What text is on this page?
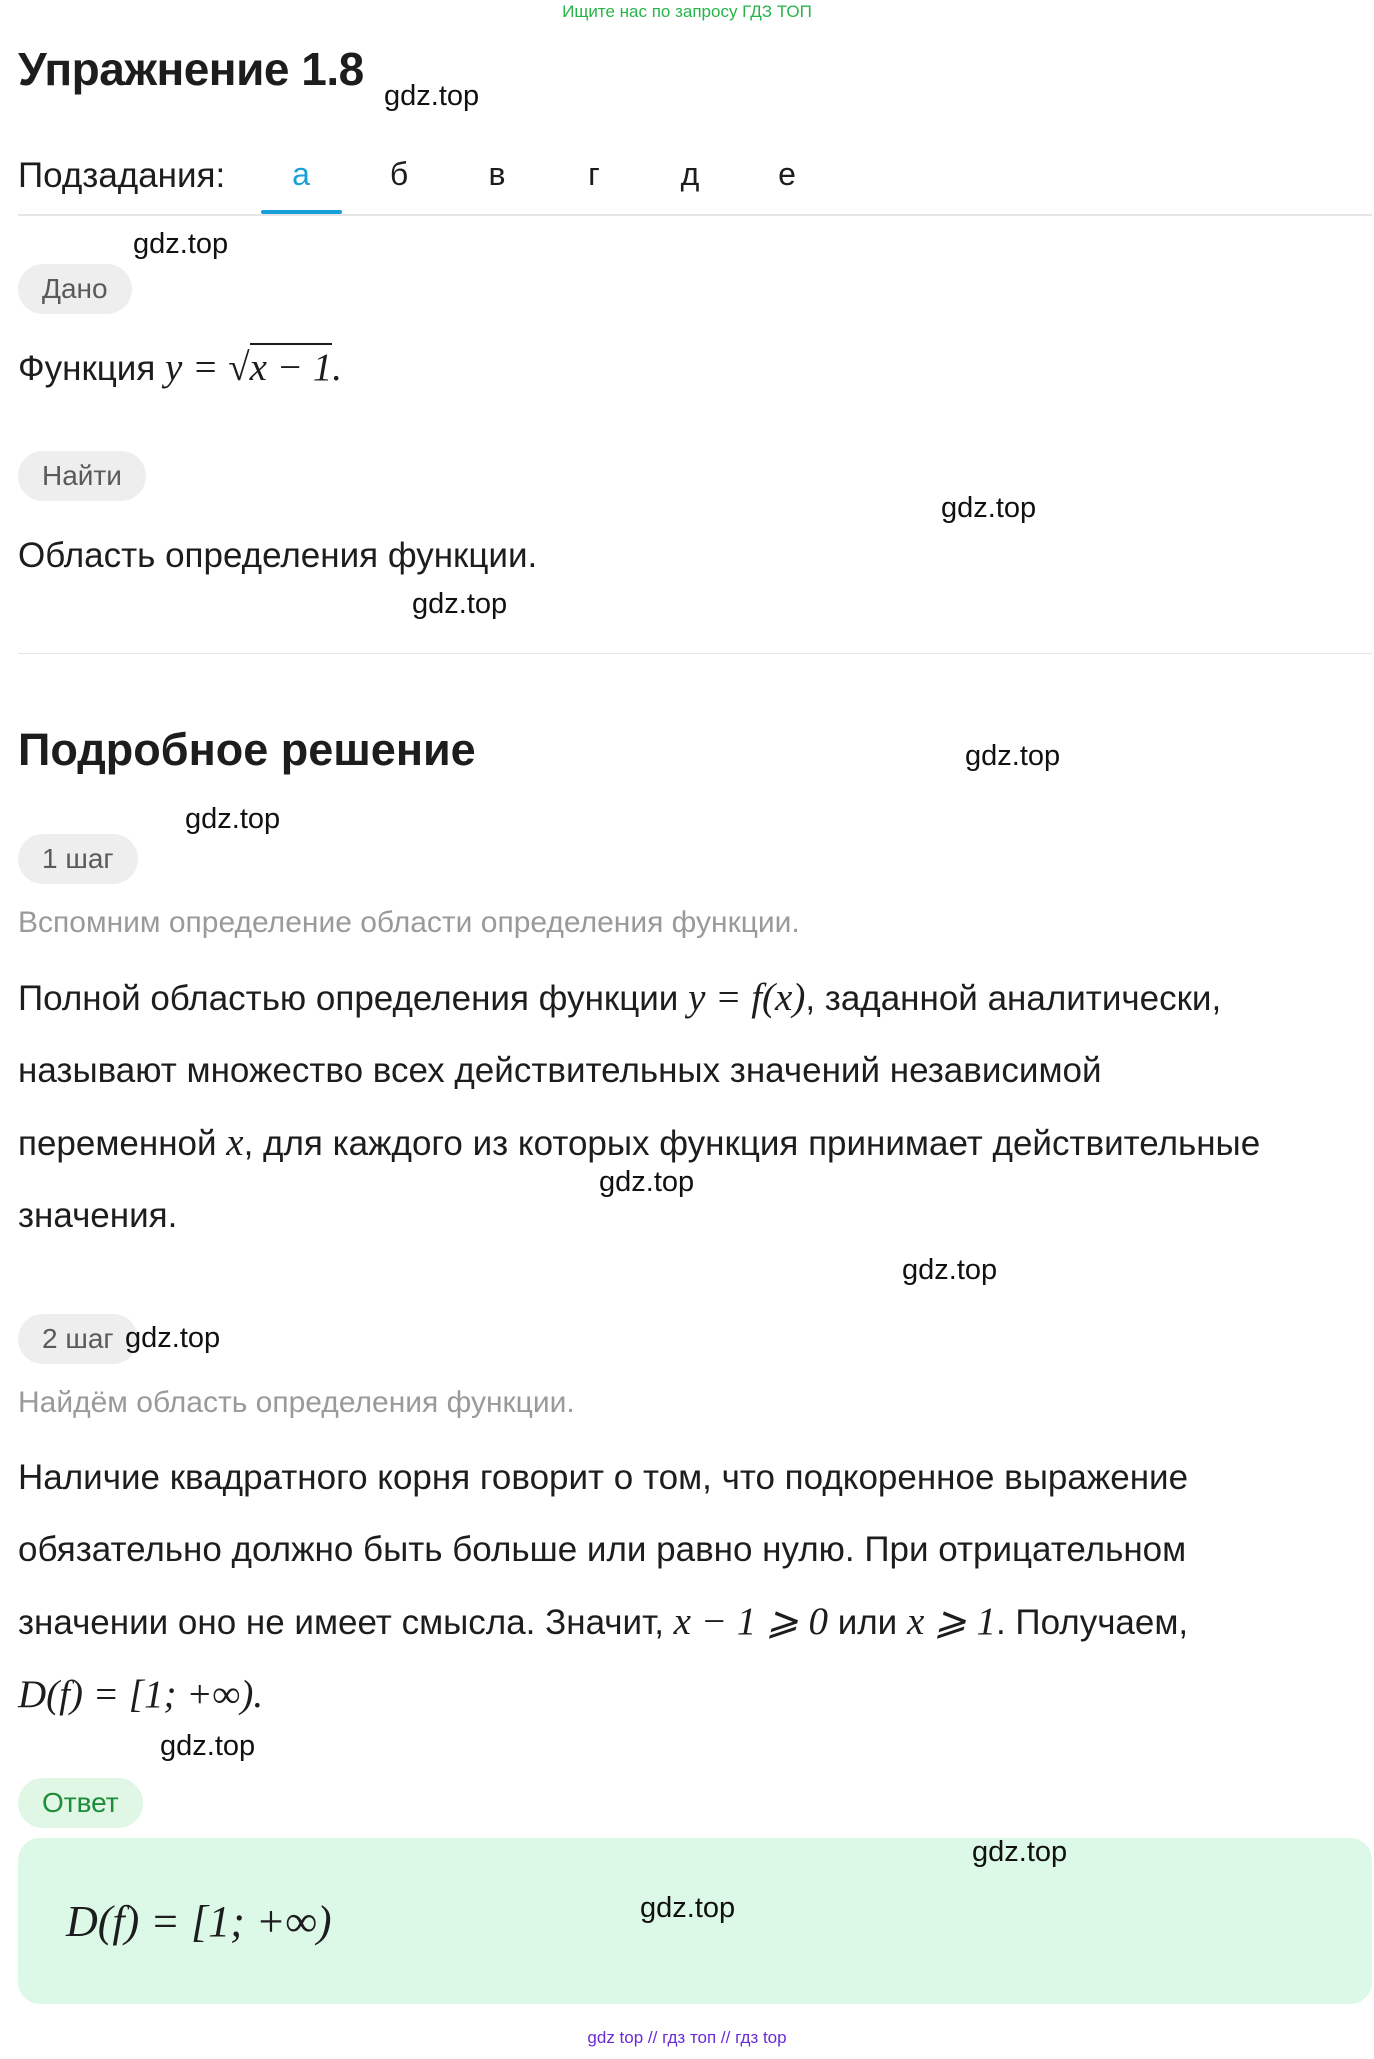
Ищите нас по запросу ГДЗ ТОП
Упражнение 1.8
gdz.top
Подзадания:	а	б	в	г	д	е
gdz.top
Дано
Функция y = √x − 1.
Найти
gdz.top
Область определения функции.
gdz.top
Подробное решение	gdz.top
gdz.top
1 шаг
Вспомним определение области определения функции.
Полной областью определения функции y = f(x), заданной аналитически,
называют множество всех действительных значений независимой
переменной x, для каждого из которых функция принимает действительные
значения.
gdz.top
gdz.top
2 шаг gdz.top
Найдём область определения функции.
Наличие квадратного корня говорит о том, что подкоренное выражение
обязательно должно быть больше или равно нулю. При отрицательном
значении оно не имеет смысла. Значит, x − 1 ⩾ 0 или x ⩾ 1. Получаем,
D(f) = [1; +∞).
gdz.top
Ответ
D(f) = [1; +∞)
gdz.top
gdz.top
gdz top // гдз топ // гдз top
